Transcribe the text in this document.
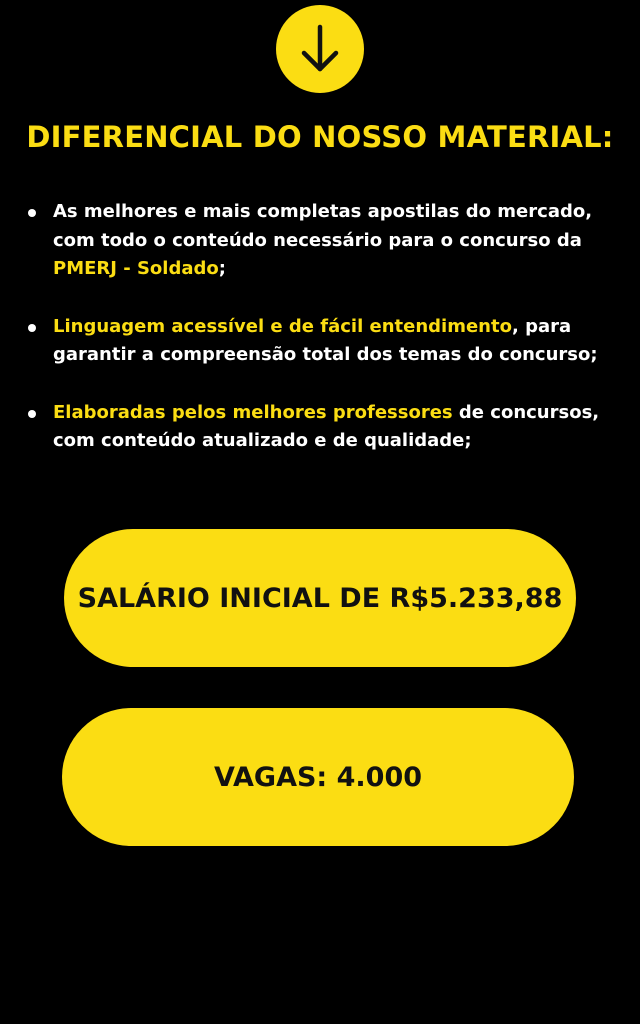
DIFERENCIAL DO NOSSO MATERIAL:
As melhores e mais completas apostilas do mercado, com todo o conteúdo necessário para o concurso da PMERJ - Soldado;
Linguagem acessível e de fácil entendimento, para garantir a compreensão total dos temas do concurso;
Elaboradas pelos melhores professores de concursos, com conteúdo atualizado e de qualidade;
SALÁRIO INICIAL DE R$5.233,88
VAGAS: 4.000
